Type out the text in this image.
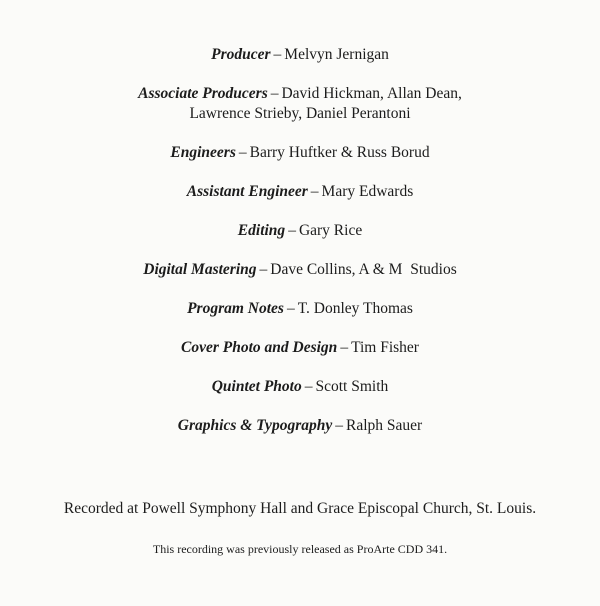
Producer – Melvyn Jernigan
Associate Producers – David Hickman, Allan Dean,
Lawrence Strieby, Daniel Perantoni
Engineers – Barry Huftker & Russ Borud
Assistant Engineer – Mary Edwards
Editing – Gary Rice
Digital Mastering – Dave Collins, A & M  Studios
Program Notes – T. Donley Thomas
Cover Photo and Design – Tim Fisher
Quintet Photo – Scott Smith
Graphics & Typography – Ralph Sauer
Recorded at Powell Symphony Hall and Grace Episcopal Church, St. Louis.
This recording was previously released as ProArte CDD 341.
